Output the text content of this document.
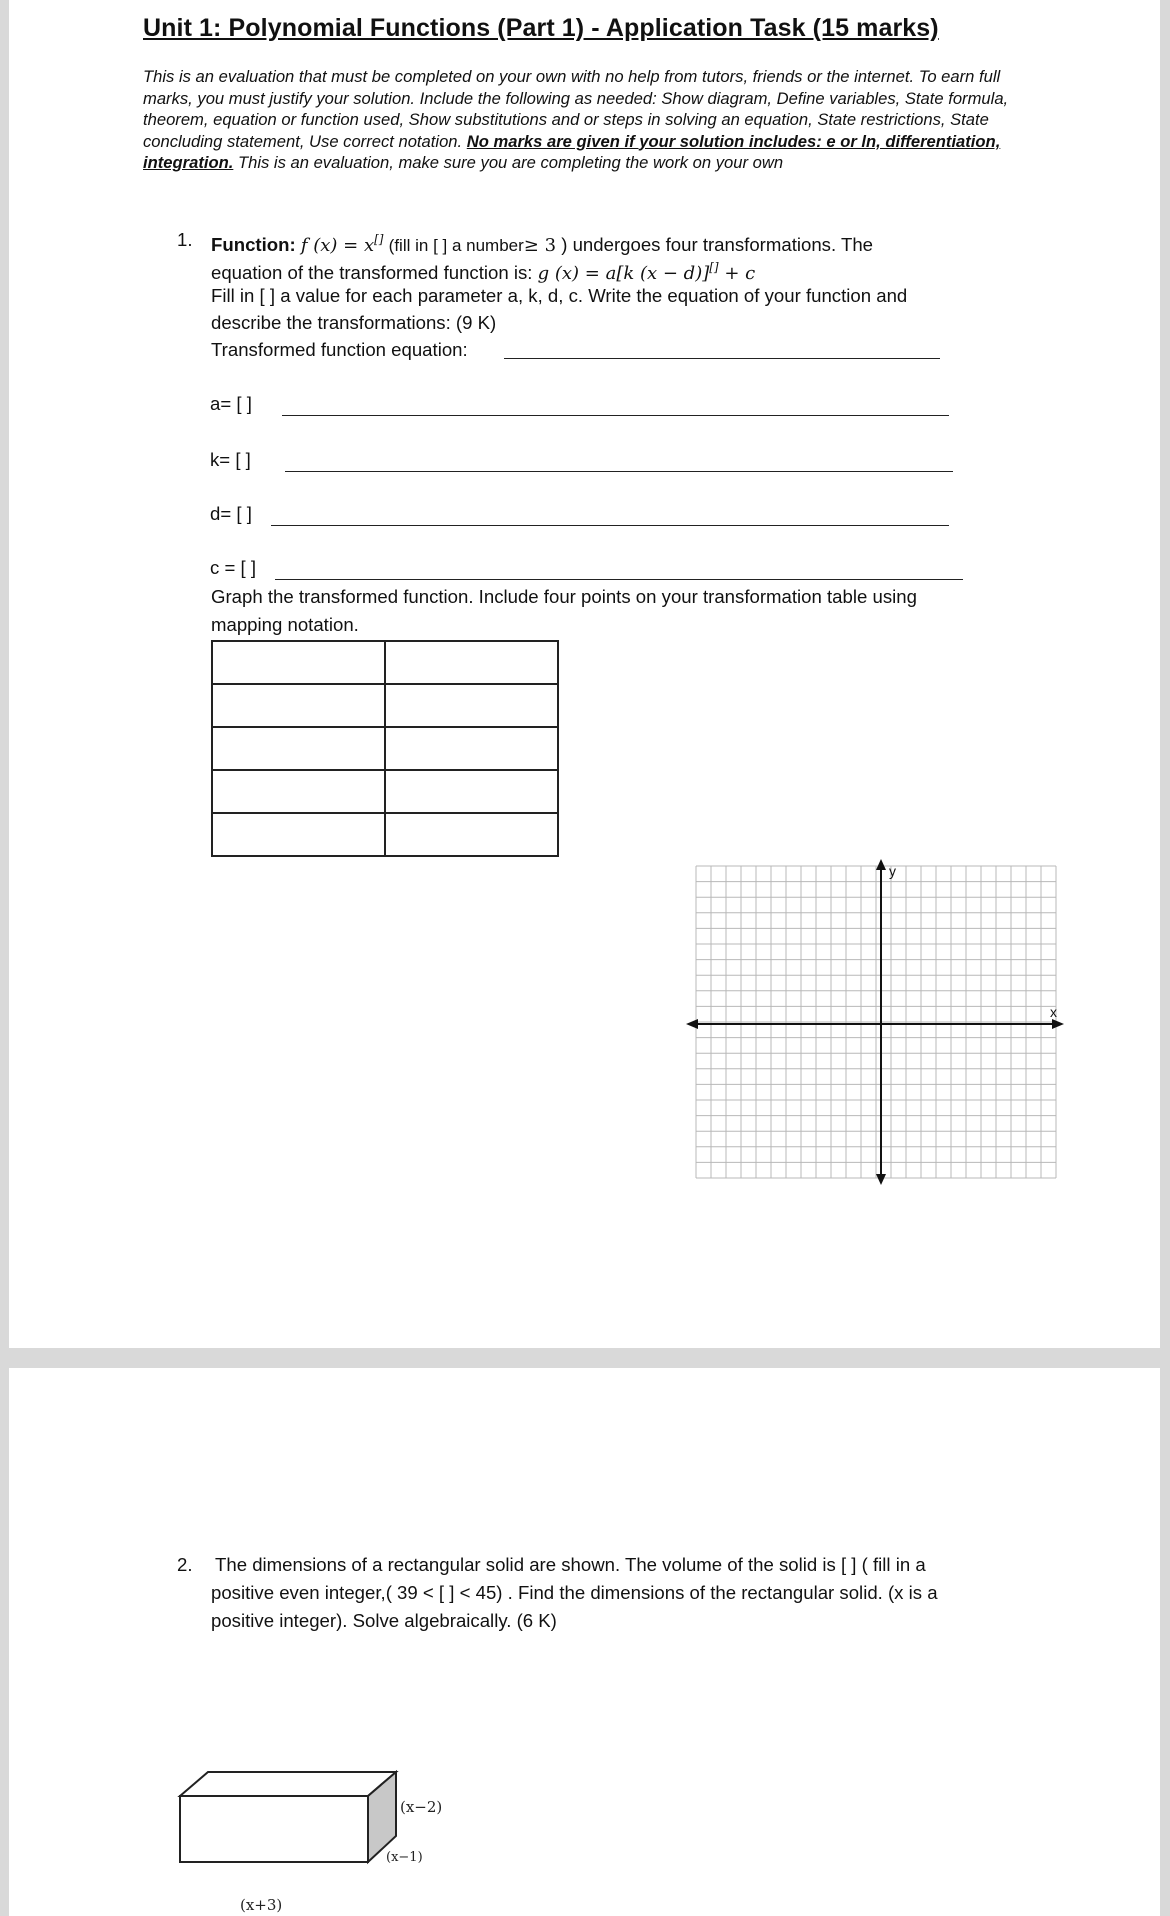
Unit 1: Polynomial Functions (Part 1) - Application Task (15 marks)

This is an evaluation that must be completed on your own with no help from tutors, friends or the internet. To earn full marks, you must justify your solution. Include the following as needed: Show diagram, Define variables, State formula, theorem, equation or function used, Show substitutions and or steps in solving an equation, State restrictions, State concluding statement, Use correct notation. No marks are given if your solution includes: e or ln, differentiation, integration. This is an evaluation, make sure you are completing the work on your own

1. Function: f (x) = x[] (fill in [ ] a number≥ 3 ) undergoes four transformations. The
equation of the transformed function is: g (x) = a[k (x − d)][] + c
Fill in [ ] a value for each parameter a, k, d, c. Write the equation of your function and
describe the transformations: (9 K)
Transformed function equation:
a= [ ]
k= [ ]
d= [ ]
c = [ ]
Graph the transformed function. Include four points on your transformation table using
mapping notation.

x
y
2. The dimensions of a rectangular solid are shown. The volume of the solid is [ ] ( fill in a
positive even integer,( 39 < [ ] < 45) . Find the dimensions of the rectangular solid. (x is a
positive integer). Solve algebraically. (6 K)
(x+3)
(x−2)
(x−1)
